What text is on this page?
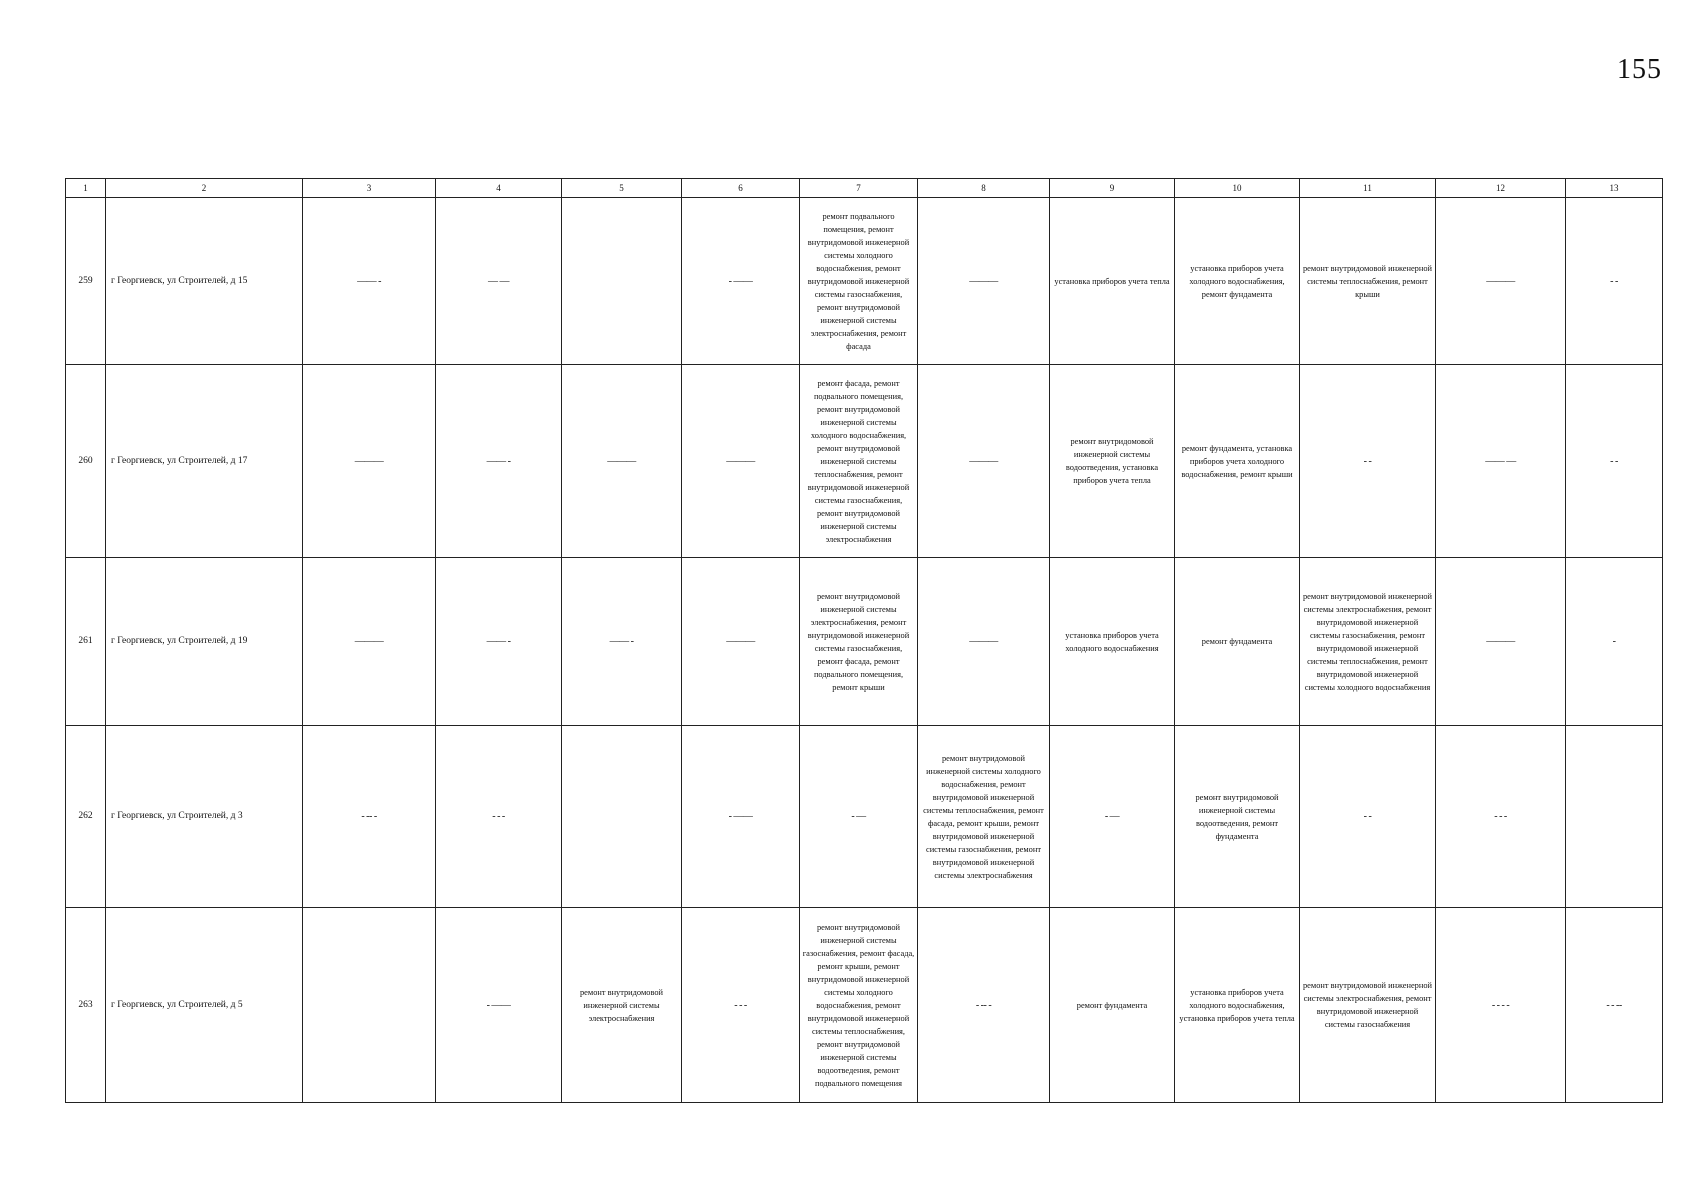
155
1	2	3	4	5	6	7	8	9	10	11	12	13
259	г Георгиевск, ул Строителей, д 15	—— -	— —		- ——	ремонт подвального помещения, ремонт внутридомовой инженерной системы холодного водоснабжения, ремонт внутридомовой инженерной системы газоснабжения, ремонт внутридомовой инженерной системы электроснабжения, ремонт фасада	———	установка приборов учета тепла	установка приборов учета холодного водоснабжения, ремонт фундамента	ремонт внутридомовой инженерной системы теплоснабжения, ремонт крыши	———	- -
260	г Георгиевск, ул Строителей, д 17	———	—— -	———	———	ремонт фасада, ремонт подвального помещения, ремонт внутридомовой инженерной системы холодного водоснабжения, ремонт внутридомовой инженерной системы теплоснабжения, ремонт внутридомовой инженерной системы газоснабжения, ремонт внутридомовой инженерной системы электроснабжения	———	ремонт внутридомовой инженерной системы водоотведения, установка приборов учета тепла	ремонт фундамента, установка приборов учета холодного водоснабжения, ремонт крыши	- -	—— —	- -
261	г Георгиевск, ул Строителей, д 19	———	—— -	—— -	———	ремонт внутридомовой инженерной системы электроснабжения, ремонт внутридомовой инженерной системы газоснабжения, ремонт фасада, ремонт подвального помещения, ремонт крыши	———	установка приборов учета холодного водоснабжения	ремонт фундамента	ремонт внутридомовой инженерной системы электроснабжения, ремонт внутридомовой инженерной системы газоснабжения, ремонт внутридомовой инженерной системы теплоснабжения, ремонт внутридомовой инженерной системы холодного водоснабжения	———	-
262	г Георгиевск, ул Строителей, д 3	- -- -	- - -		- ——	- —	ремонт внутридомовой инженерной системы холодного водоснабжения, ремонт внутридомовой инженерной системы теплоснабжения, ремонт фасада, ремонт крыши, ремонт внутридомовой инженерной системы газоснабжения, ремонт внутридомовой инженерной системы электроснабжения	- —	ремонт внутридомовой инженерной системы водоотведения, ремонт фундамента	- -	- - -	
263	г Георгиевск, ул Строителей, д 5		- ——	ремонт внутридомовой инженерной системы электроснабжения	- - -	ремонт внутридомовой инженерной системы газоснабжения, ремонт фасада, ремонт крыши, ремонт внутридомовой инженерной системы холодного водоснабжения, ремонт внутридомовой инженерной системы теплоснабжения, ремонт внутридомовой инженерной системы водоотведения, ремонт подвального помещения	- -- -	ремонт фундамента	установка приборов учета холодного водоснабжения, установка приборов учета тепла	ремонт внутридомовой инженерной системы электроснабжения, ремонт внутридомовой инженерной системы газоснабжения	- - - -	- - --
